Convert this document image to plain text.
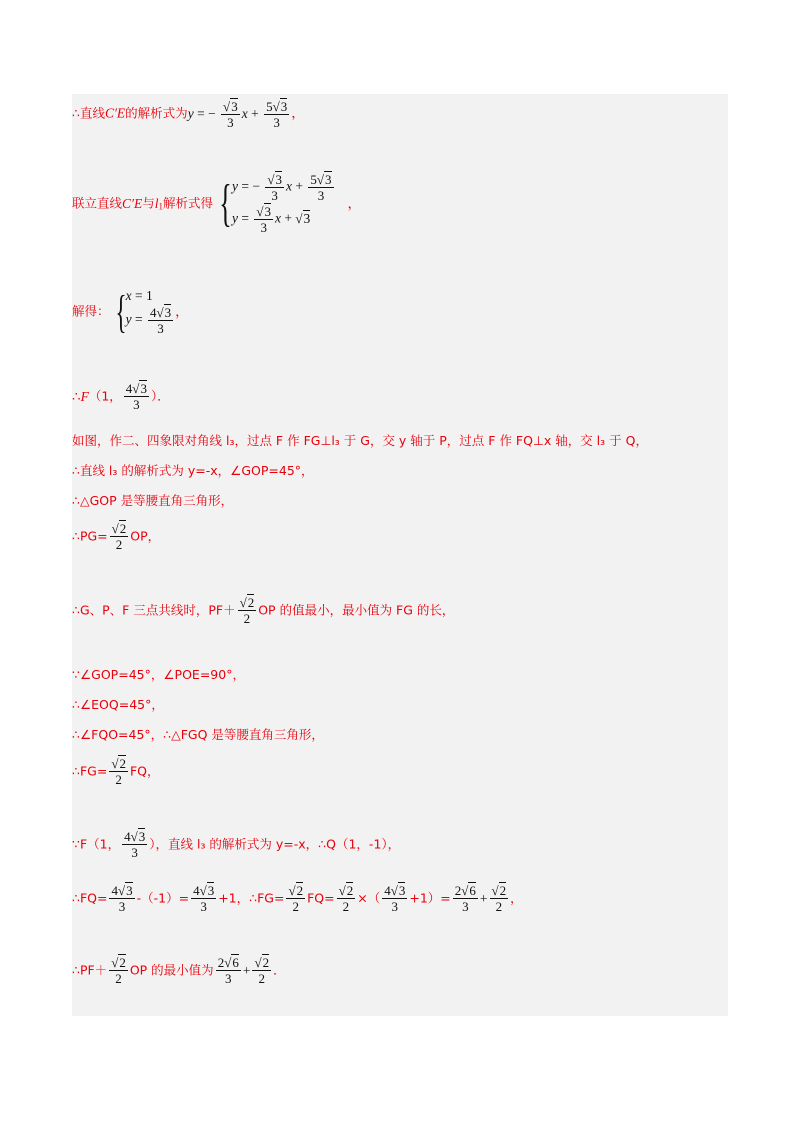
∴直线C′E的解析式为y = − $\frac{√3}{3}$ $x + \frac{5√3}{3}$ ，
联立直线C′E与$l_1$解析式得 { y = − $\frac{√3}{3}$ $x + \frac{5√3}{3}$
$y = \frac{√3}{3}$ x + √3
，
解得： { x = 1
$y = \frac{4√3}{3}$ ，
∴F（1， $\frac{4√3}{3}$ ）．
如图，作二、四象限对角线 l₃，过点 F 作 FG⊥l₃ 于 G，交 y 轴于 P，过点 F 作 FQ⊥x 轴，交 l₃ 于 Q，
∴直线 l₃ 的解析式为 y=-x，∠GOP=45°，
∴△GOP 是等腰直角三角形，
∴PG= $\frac{√2}{2}$ OP，
∴G、P、F 三点共线时，$PF+ \frac{√2}{2}$ OP 的值最小，最小值为 FG 的长，
∵∠GOP=45°，∠POE=90°，
∴∠EOQ=45°，
∴∠FQO=45°，∴△FGQ 是等腰直角三角形，
∴FG= $\frac{√2}{2}$ FQ，
∵F（1， $\frac{4√3}{3}$ ），直线 l₃ 的解析式为 y=-x，∴Q（1，-1），
∴FQ= $\frac{4√3}{3} -(-1)= \frac{4√3}{3} +1$，∴FG= $\frac{√2}{2} FQ= \frac{√2}{2}$ ×（ $\frac{4√3}{3} +1)= \frac{2√6}{3} + \frac{√2}{2}$ ，
∴PF＋ $\frac{√2}{2}$ OP 的最小值为 $\frac{2√6}{3} + \frac{√2}{2}$ ．
